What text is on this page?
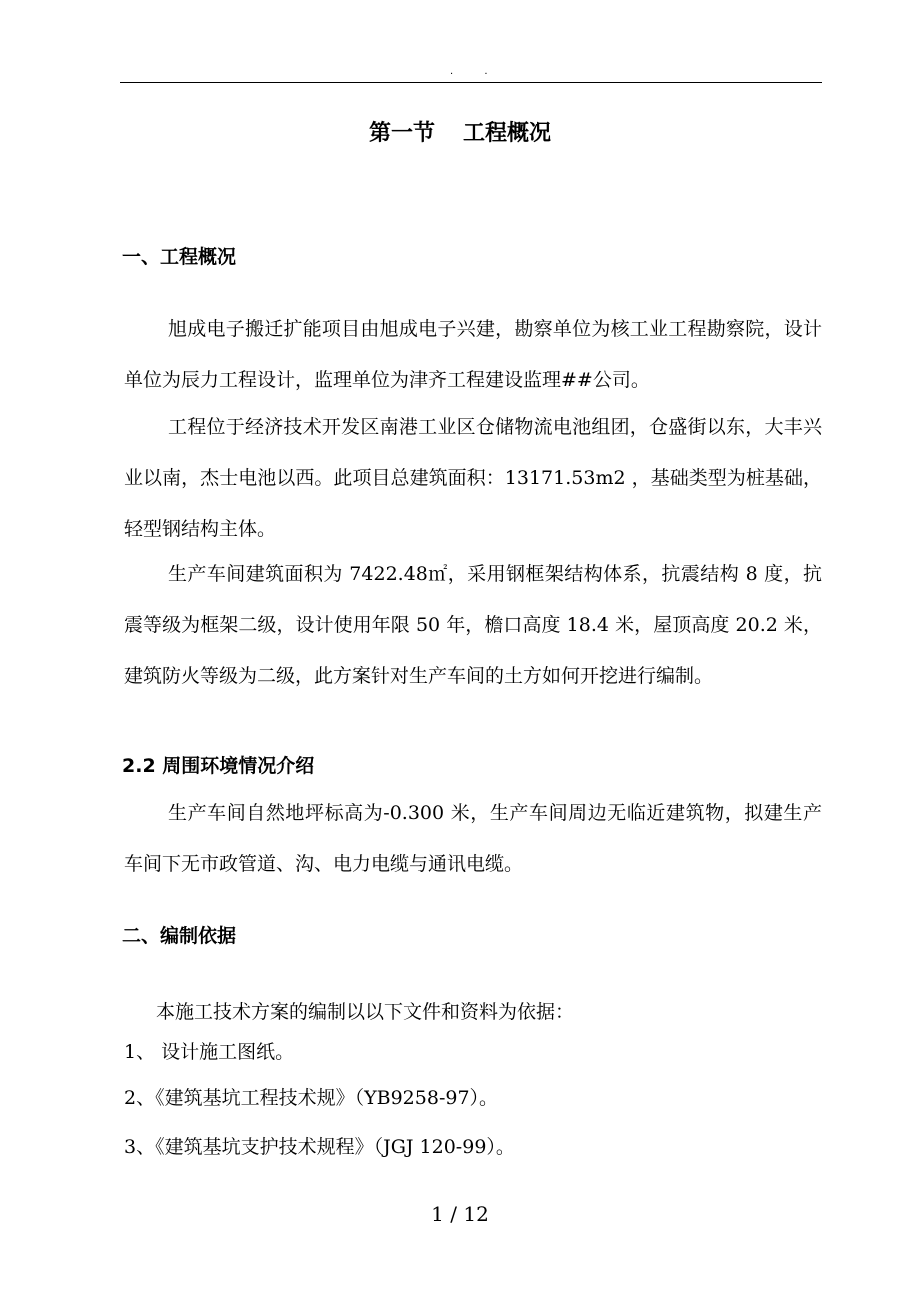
. .
第一节 工程概况
一、工程概况
旭成电子搬迁扩能项目由旭成电子兴建，勘察单位为核工业工程勘察院，设计单位为辰力工程设计，监理单位为津齐工程建设监理##公司。
工程位于经济技术开发区南港工业区仓储物流电池组团，仓盛街以东，大丰兴业以南，杰士电池以西。此项目总建筑面积：13171.53m2 ，基础类型为桩基础，轻型钢结构主体。
生产车间建筑面积为 7422.48㎡，采用钢框架结构体系，抗震结构 8 度，抗震等级为框架二级，设计使用年限 50 年，檐口高度 18.4 米，屋顶高度 20.2 米，建筑防火等级为二级，此方案针对生产车间的土方如何开挖进行编制。
2.2 周围环境情况介绍
生产车间自然地坪标高为-0.300 米，生产车间周边无临近建筑物，拟建生产车间下无市政管道、沟、电力电缆与通讯电缆。
二、编制依据
本施工技术方案的编制以以下文件和资料为依据：
1、 设计施工图纸。
2、《建筑基坑工程技术规》（YB9258-97）。
3、《建筑基坑支护技术规程》（JGJ 120-99）。
1 / 12
